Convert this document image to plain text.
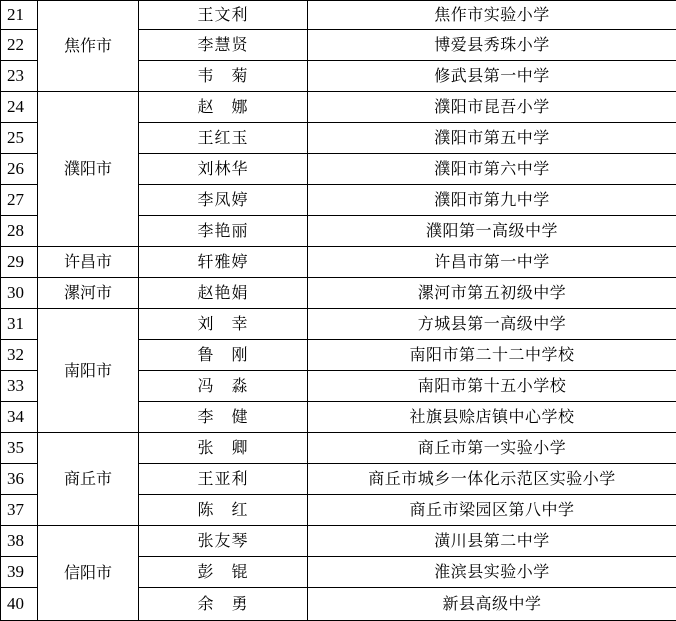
21	焦作市	王文利	焦作市实验小学
22		李慧贤	博爱县秀珠小学
23		韦　菊	修武县第一中学
24	濮阳市	赵　娜	濮阳市昆吾小学
25		王红玉	濮阳市第五中学
26		刘林华	濮阳市第六中学
27		李凤婷	濮阳市第九中学
28		李艳丽	濮阳第一高级中学
29	许昌市	轩雅婷	许昌市第一中学
30	漯河市	赵艳娟	漯河市第五初级中学
31	南阳市	刘　幸	方城县第一高级中学
32		鲁　刚	南阳市第二十二中学校
33		冯　淼	南阳市第十五小学校
34		李　健	社旗县赊店镇中心学校
35	商丘市	张　卿	商丘市第一实验小学
36		王亚利	商丘市城乡一体化示范区实验小学
37		陈　红	商丘市梁园区第八中学
38	信阳市	张友琴	潢川县第二中学
39		彭　锟	淮滨县实验小学
40		余　勇	新县高级中学
